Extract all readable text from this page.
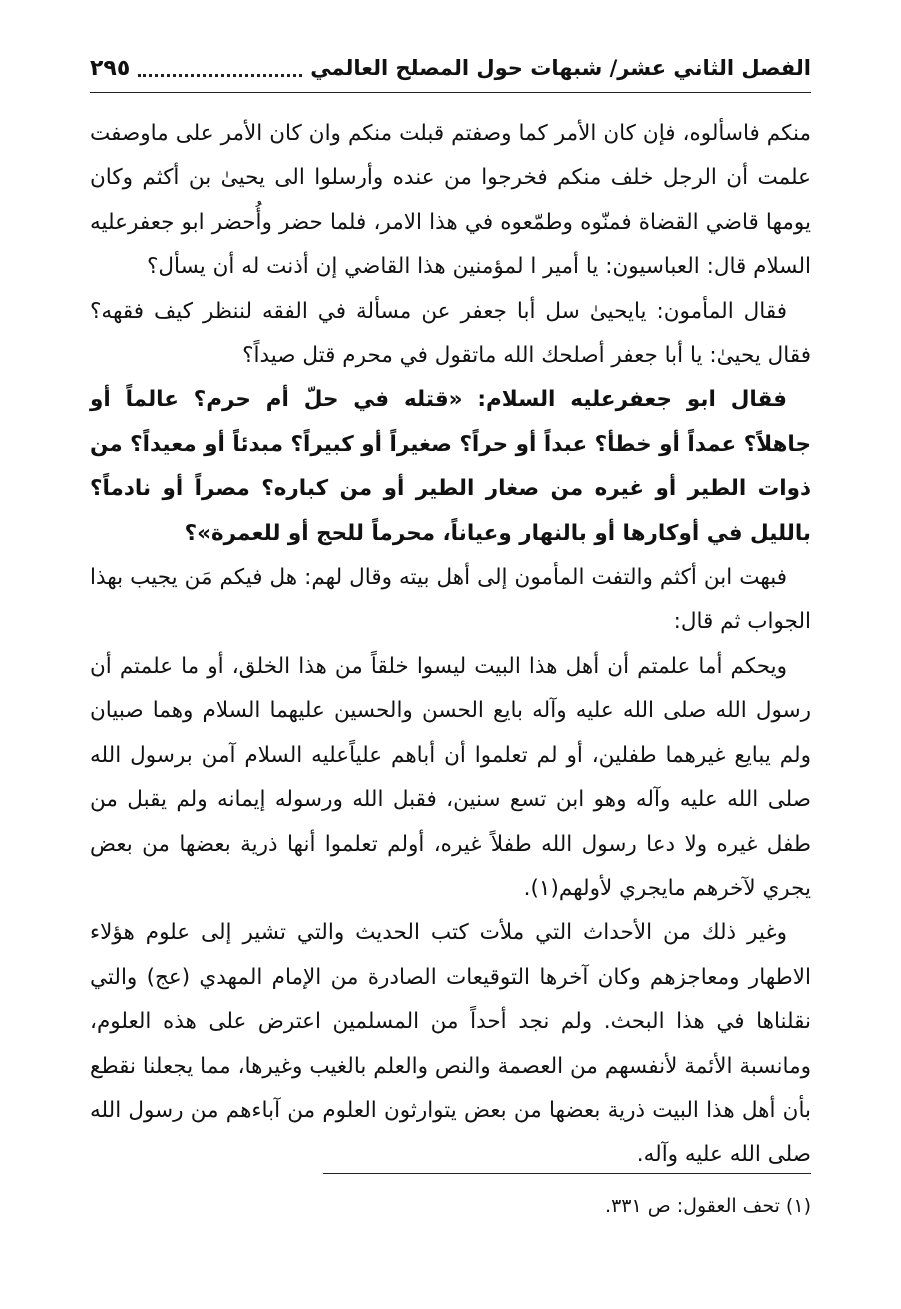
الفصل الثاني عشر/ شبهات حول المصلح العالمي
٢٩٥

منكم فاسألوه، فإن كان الأمر كما وصفتم قبلت منكم وان كان الأمر على ماوصفت علمت أن الرجل خلف منكم فخرجوا من عنده وأرسلوا الى يحيىٰ بن أكثم وكان يومها قاضي القضاة فمنّوه وطمّعوه في هذا الامر، فلما حضر وأُحضر ابو جعفرعليه السلام قال: العباسيون: يا أمير ا لمؤمنين هذا القاضي إن أذنت له أن يسأل؟

فقال المأمون: يايحيىٰ سل أبا جعفر عن مسألة في الفقه لننظر كيف فقهه؟ فقال يحيىٰ: يا أبا جعفر أصلحك الله ماتقول في محرم قتل صيداً؟

فقال ابو جعفرعليه السلام: «قتله في حلّ أم حرم؟ عالماً أو جاهلاً؟ عمداً أو خطأ؟ عبداً أو حراً؟ صغيراً أو كبيراً؟ مبدئاً أو معيداً؟ من ذوات الطير أو غيره من صغار الطير أو من كباره؟ مصراً أو نادماً؟ بالليل في أوكارها أو بالنهار وعياناً، محرماً للحج أو للعمرة»؟

فبهت ابن أكثم والتفت المأمون إلى أهل بيته وقال لهم: هل فيكم مَن يجيب بهذا الجواب ثم قال:

ويحكم أما علمتم أن أهل هذا البيت ليسوا خلقاً من هذا الخلق، أو ما علمتم أن رسول الله صلى الله عليه وآله بايع الحسن والحسين عليهما السلام وهما صبيان ولم يبايع غيرهما طفلين، أو لم تعلموا أن أباهم علياًعليه السلام آمن برسول الله صلى الله عليه وآله وهو ابن تسع سنين، فقبل الله ورسوله إيمانه ولم يقبل من طفل غيره ولا دعا رسول الله طفلاً غيره، أولم تعلموا أنها ذرية بعضها من بعض يجري لآخرهم مايجري لأولهم(١).

وغير ذلك من الأحداث التي ملأت كتب الحديث والتي تشير إلى علوم هؤلاء الاطهار ومعاجزهم وكان آخرها التوقيعات الصادرة من الإمام المهدي (عج) والتي نقلناها في هذا البحث. ولم نجد أحداً من المسلمين اعترض على هذه العلوم، ومانسبة الأئمة لأنفسهم من العصمة والنص والعلم بالغيب وغيرها، مما يجعلنا نقطع بأن أهل هذا البيت ذرية بعضها من بعض يتوارثون العلوم من آباءهم من رسول الله صلى الله عليه وآله.

(١) تحف العقول: ص ٣٣١.
